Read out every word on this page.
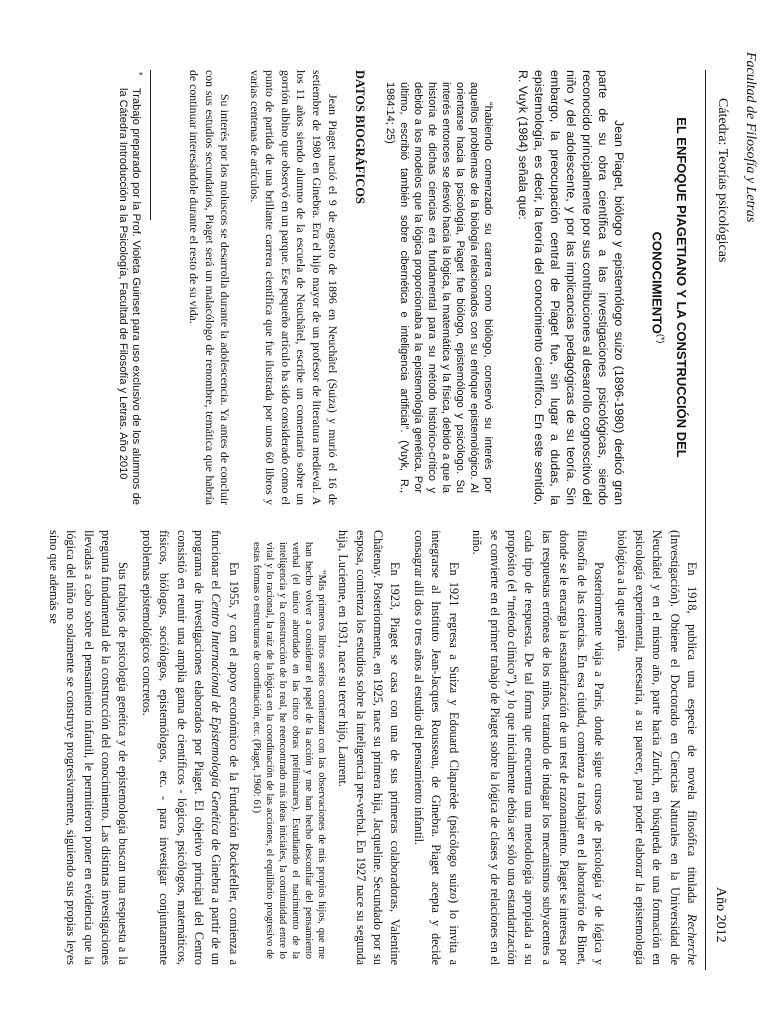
Facultad de Filosofía y Letras
Cátedra: Teorías psicológicas
Año 2012
EL ENFOQUE PIAGETIANO Y LA CONSTRUCCIÓN DEL
CONOCIMIENTO(*)

Jean Piaget, biólogo y epistemólogo suizo (1896-1980) dedicó gran parte de su obra científica a las investigaciones psicológicas, siendo reconocido principalmente por sus contribuciones al desarrollo cognoscitivo del niño y del adolescente, y por las implicancias pedagógicas de su teoría. Sin embargo, la preocupación central de Piaget fue, sin lugar a dudas, la epistemología, es decir, la teoría del conocimiento científico. En este sentido, R. Vuyk (1984) señala que:

“habiendo comenzado su carrera como biólogo, conservó su interés por aquellos problemas de la biología relacionados con su enfoque epistemológico. Al orientarse hacia la psicología, Piaget fue biólogo, epistemólogo y psicólogo. Su interés entonces se desvió hacia la lógica, la matemática y la física, debido a que la historia de dichas ciencias era fundamental para su método histórico-crítico y debido a los modelos que la lógica proporcionaba a la epistemología genética. Por último, escribió también sobre cibernética e inteligencia artificial”. (Vuyk, R., 1984:14; 25)

DATOS BIOGRÁFICOS

Jean Piaget nació el 9 de agosto de 1896 en Neuchâtel (Suiza) y murió el 16 de setiembre de 1980 en Ginebra. Era el hijo mayor de un profesor de literatura medieval. A los 11 años siendo alumno de la escuela de Neuchâtel, escribe un comentario sobre un gorrión albino que observó en un parque. Ese pequeño artículo ha sido considerado como el punto de partida de una brillante carrera científica que fue ilustrada por unos 60 libros y varias centenas de artículos.

Su interés por los moluscos se desarrolla durante la adolescencia. Ya antes de concluir con sus estudios secundarios, Piaget será un malacólogo de renombre, temática que habría de continuar interesándole durante el resto de su vida.

*
Trabajo preparado por la Prof. Violeta Guinset para uso exclusivo de los alumnos de la Cátedra Introducción a la Psicología, Facultad de Filosofía y Letras. Año 2010

En 1918, publica una especie de novela filosófica titulada Recherche (Investigación). Obtiene el Doctorado en Ciencias Naturales en la Universidad de Neuchâtel y en el mismo año, parte hacia Zurich, en búsqueda de una formación en psicología experimental, necesaria, a su parecer, para poder elaborar la epistemología biológica a la que aspira.

Posteriormente viaja a París, donde sigue cursos de psicología y de lógica y filosofía de las ciencias. En esa ciudad, comienza a trabajar en el laboratorio de Binet, donde se le encarga la estandarización de un test de razonamiento. Piaget se interesa por las respuestas erróneas de los niños, tratando de indagar los mecanismos subyacentes a cada tipo de respuesta. De tal forma que encuentra una metodología apropiada a su propósito (el “método clínico”), y lo que inicialmente debía ser sólo una estandarización se convierte en el primer trabajo de Piaget sobre la lógica de clases y de relaciones en el niño.

En 1921 regresa a Suiza y Edouard Claparède (psicólogo suizo) lo invita a integrarse al Instituto Jean-Jacques Rousseau, de Ginebra. Piaget acepta y decide consagrar allí dos o tres años al estudio del pensamiento infantil.

En 1923, Piaget se casa con una de sus primeras colaboradoras, Valentine Châtenay. Posteriormente, en 1925, nace su primera hija, Jacqueline. Secundado por su esposa, comienza los estudios sobre la inteligencia pre-verbal. En 1927 nace su segunda hija, Lucienne, en 1931, nace su tercer hijo, Laurent.

“Mis primeros libros serios comienzan con las observaciones de mis propios hijos, que me han hecho volver a considerar el papel de la acción y me han hecho desconfiar del pensamiento verbal (el único abordado en las cinco obras preliminares). Estudiando el nacimiento de la inteligencia y la construcción de lo real, he reencontrado mis ideas iniciales, la continuidad entre lo vital y lo racional, la raíz de la lógica en la coordinación de las acciones, el equilibrio progresivo de estas formas o estructuras de coordinación, etc. (Piaget, 1960: 61)

En 1955, y con el apoyo económico de la Fundación Rockefeller, comienza a funcionar el Centro Internacional de Epistemología Genética de Ginebra a partir de un programa de investigaciones elaborados por Piaget. El objetivo principal del Centro consistió en reunir una amplia gama de científicos - lógicos, psicólogos, matemáticos, físicos, biólogos, sociólogos, epistemólogos, etc. - para investigar conjuntamente problemas epistemológicos concretos.

Sus trabajos de psicología genética y de epistemología buscan una respuesta a la pregunta fundamental de la construcción del conocimiento. Las distintas investigaciones llevadas a cabo sobre el pensamiento infantil, le permitieron poner en evidencia que la lógica del niño no solamente se construye progresivamente, siguiendo sus propias leyes sino que además se
